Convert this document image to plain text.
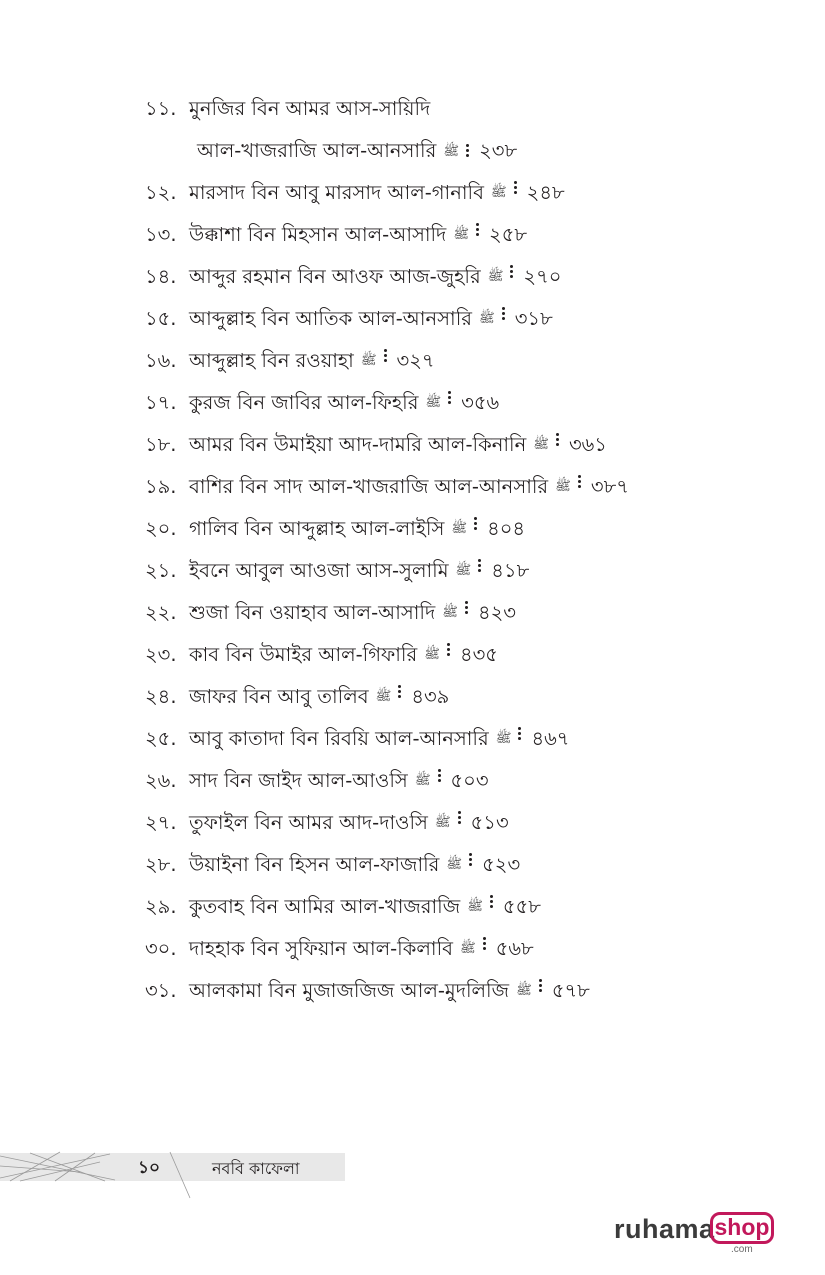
১১. মুনজির বিন আমর আস-সায়িদি
আল-খাজরাজি আল-আনসারি ﷺ ২৩৮
১২. মারসাদ বিন আবু মারসাদ আল-গানাবি ﷺ ২৪৮
১৩. উক্কাশা বিন মিহসান আল-আসাদি ﷺ ২৫৮
১৪. আব্দুর রহমান বিন আওফ আজ-জুহরি ﷺ ২৭০
১৫. আব্দুল্লাহ বিন আতিক আল-আনসারি ﷺ ৩১৮
১৬. আব্দুল্লাহ বিন রওয়াহা ﷺ ৩২৭
১৭. কুরজ বিন জাবির আল-ফিহরি ﷺ ৩৫৬
১৮. আমর বিন উমাইয়া আদ-দামরি আল-কিনানি ﷺ ৩৬১
১৯. বাশির বিন সাদ আল-খাজরাজি আল-আনসারি ﷺ ৩৮৭
২০. গালিব বিন আব্দুল্লাহ আল-লাইসি ﷺ ৪০৪
২১. ইবনে আবুল আওজা আস-সুলামি ﷺ ৪১৮
২২. শুজা বিন ওয়াহাব আল-আসাদি ﷺ ৪২৩
২৩. কাব বিন উমাইর আল-গিফারি ﷺ ৪৩৫
২৪. জাফর বিন আবু তালিব ﷺ ৪৩৯
২৫. আবু কাতাদা বিন রিবয়ি আল-আনসারি ﷺ ৪৬৭
২৬. সাদ বিন জাইদ আল-আওসি ﷺ ৫০৩
২৭. তুফাইল বিন আমর আদ-দাওসি ﷺ ৫১৩
২৮. উয়াইনা বিন হিসন আল-ফাজারি ﷺ ৫২৩
২৯. কুতবাহ বিন আমির আল-খাজরাজি ﷺ ৫৫৮
৩০. দাহহাক বিন সুফিয়ান আল-কিলাবি ﷺ ৫৬৮
৩১. আলকামা বিন মুজাজজিজ আল-মুদলিজি ﷺ ৫৭৮
১০	নববি কাফেলা
ruhama shop
.com
